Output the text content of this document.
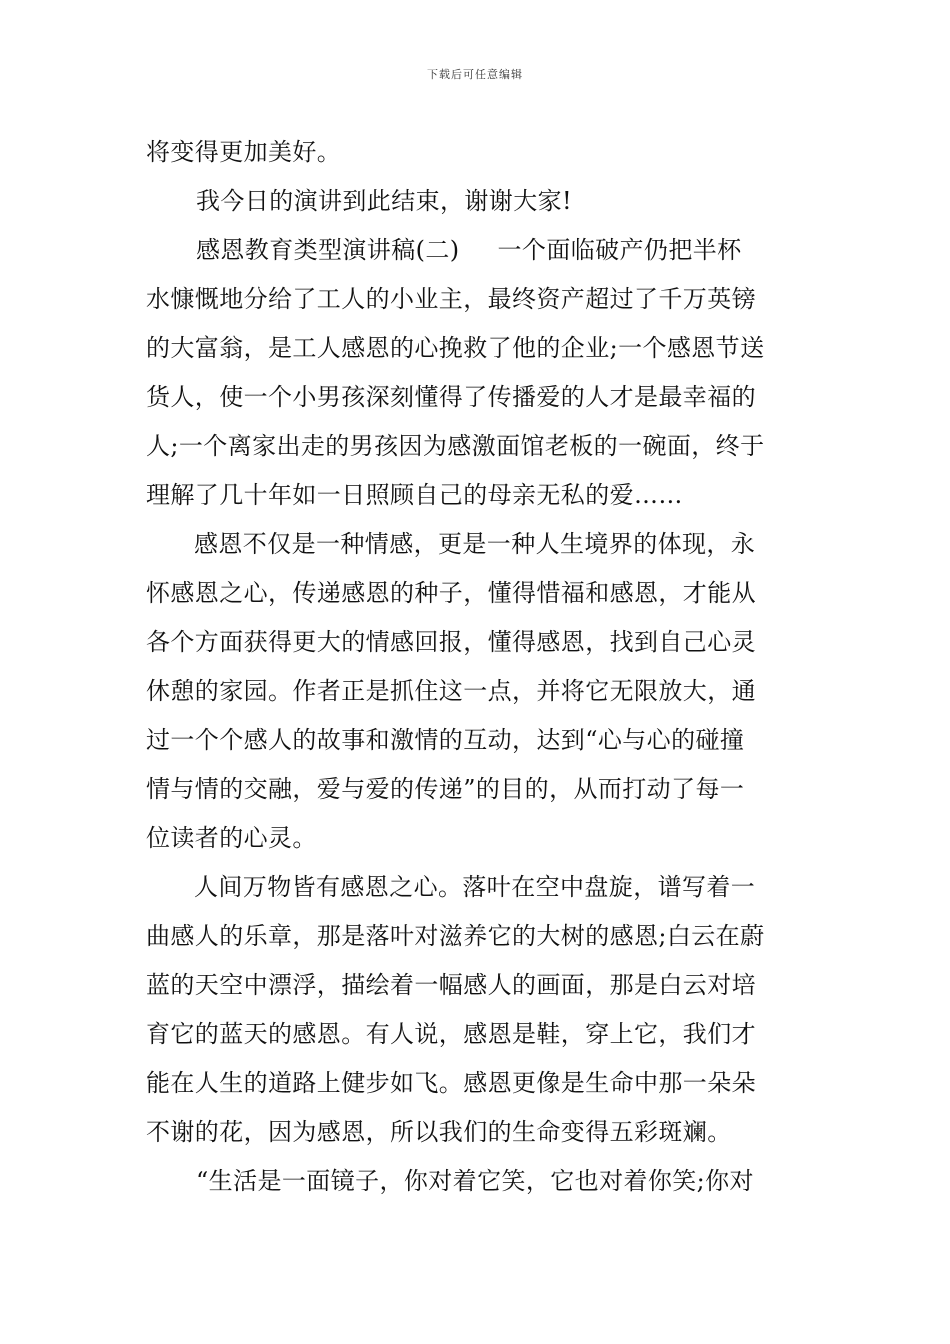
下载后可任意编辑
将变得更加美好。
我今日的演讲到此结束，谢谢大家!
感恩教育类型演讲稿(二) 一个面临破产仍把半杯
水慷慨地分给了工人的小业主，最终资产超过了千万英镑
的大富翁，是工人感恩的心挽救了他的企业;一个感恩节送
货人，使一个小男孩深刻懂得了传播爱的人才是最幸福的
人;一个离家出走的男孩因为感激面馆老板的一碗面，终于
理解了几十年如一日照顾自己的母亲无私的爱……
感恩不仅是一种情感，更是一种人生境界的体现，永
怀感恩之心，传递感恩的种子，懂得惜福和感恩，才能从
各个方面获得更大的情感回报，懂得感恩，找到自己心灵
休憩的家园。作者正是抓住这一点，并将它无限放大，通
过一个个感人的故事和激情的互动，达到“心与心的碰撞
情与情的交融，爱与爱的传递”的目的，从而打动了每一
位读者的心灵。
人间万物皆有感恩之心。落叶在空中盘旋，谱写着一
曲感人的乐章，那是落叶对滋养它的大树的感恩;白云在蔚
蓝的天空中漂浮，描绘着一幅感人的画面，那是白云对培
育它的蓝天的感恩。有人说，感恩是鞋，穿上它，我们才
能在人生的道路上健步如飞。感恩更像是生命中那一朵朵
不谢的花，因为感恩，所以我们的生命变得五彩斑斓。
“生活是一面镜子，你对着它笑，它也对着你笑;你对
